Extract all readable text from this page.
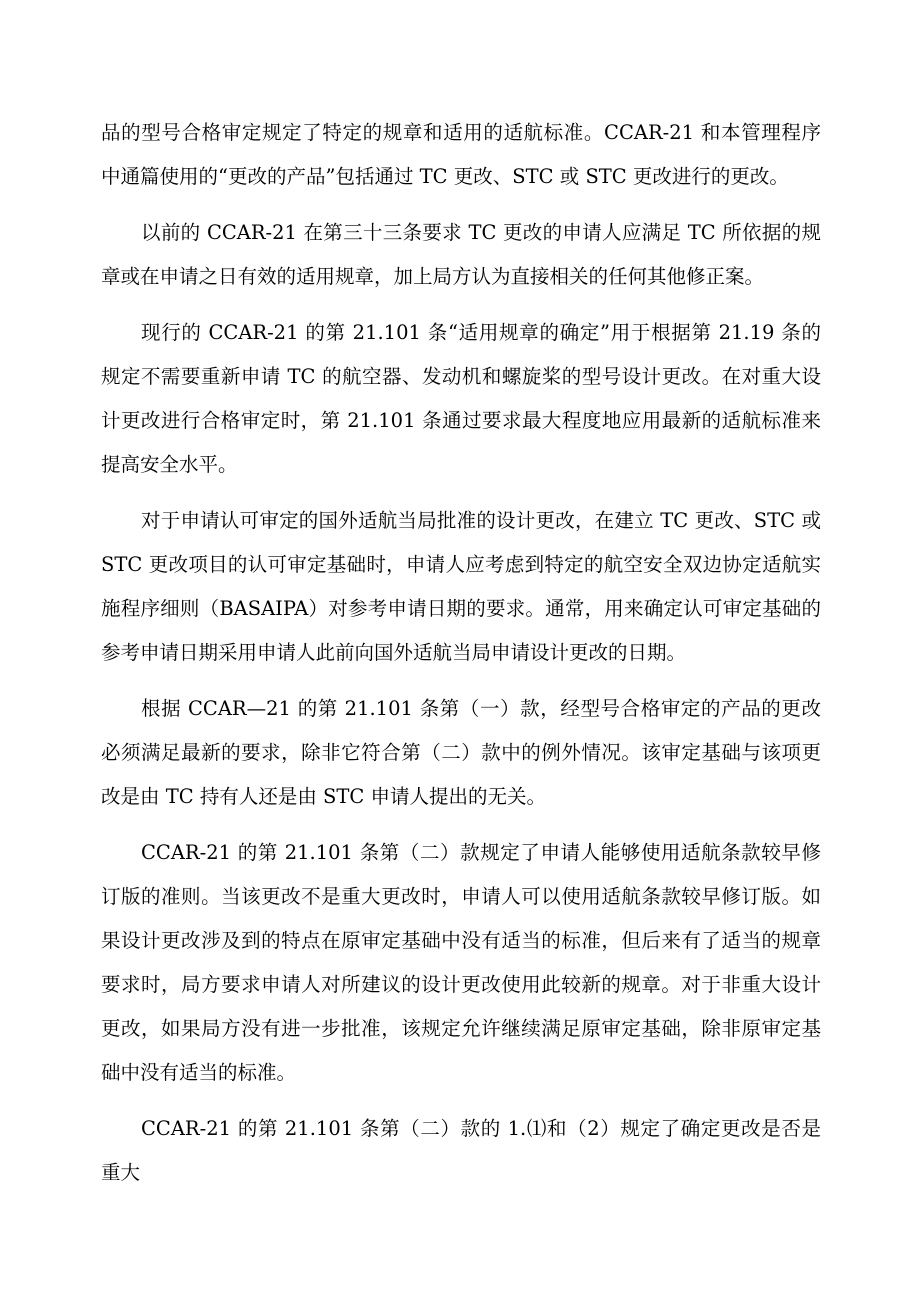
品的型号合格审定规定了特定的规章和适用的适航标准。CCAR-21 和本管理程序中通篇使用的“更改的产品”包括通过 TC 更改、STC 或 STC 更改进行的更改。

以前的 CCAR-21 在第三十三条要求 TC 更改的申请人应满足 TC 所依据的规章或在申请之日有效的适用规章，加上局方认为直接相关的任何其他修正案。

现行的 CCAR-21 的第 21.101 条“适用规章的确定”用于根据第 21.19 条的规定不需要重新申请 TC 的航空器、发动机和螺旋桨的型号设计更改。在对重大设计更改进行合格审定时，第 21.101 条通过要求最大程度地应用最新的适航标准来提高安全水平。

对于申请认可审定的国外适航当局批准的设计更改，在建立 TC 更改、STC 或 STC 更改项目的认可审定基础时，申请人应考虑到特定的航空安全双边协定适航实施程序细则（BASAIPA）对参考申请日期的要求。通常，用来确定认可审定基础的参考申请日期采用申请人此前向国外适航当局申请设计更改的日期。

根据 CCAR—21 的第 21.101 条第（一）款，经型号合格审定的产品的更改必须满足最新的要求，除非它符合第（二）款中的例外情况。该审定基础与该项更改是由 TC 持有人还是由 STC 申请人提出的无关。

CCAR-21 的第 21.101 条第（二）款规定了申请人能够使用适航条款较早修订版的准则。当该更改不是重大更改时，申请人可以使用适航条款较早修订版。如果设计更改涉及到的特点在原审定基础中没有适当的标准，但后来有了适当的规章要求时，局方要求申请人对所建议的设计更改使用此较新的规章。对于非重大设计更改，如果局方没有进一步批准，该规定允许继续满足原审定基础，除非原审定基础中没有适当的标准。

CCAR-21 的第 21.101 条第（二）款的 1.⑴和（2）规定了确定更改是否是重大
